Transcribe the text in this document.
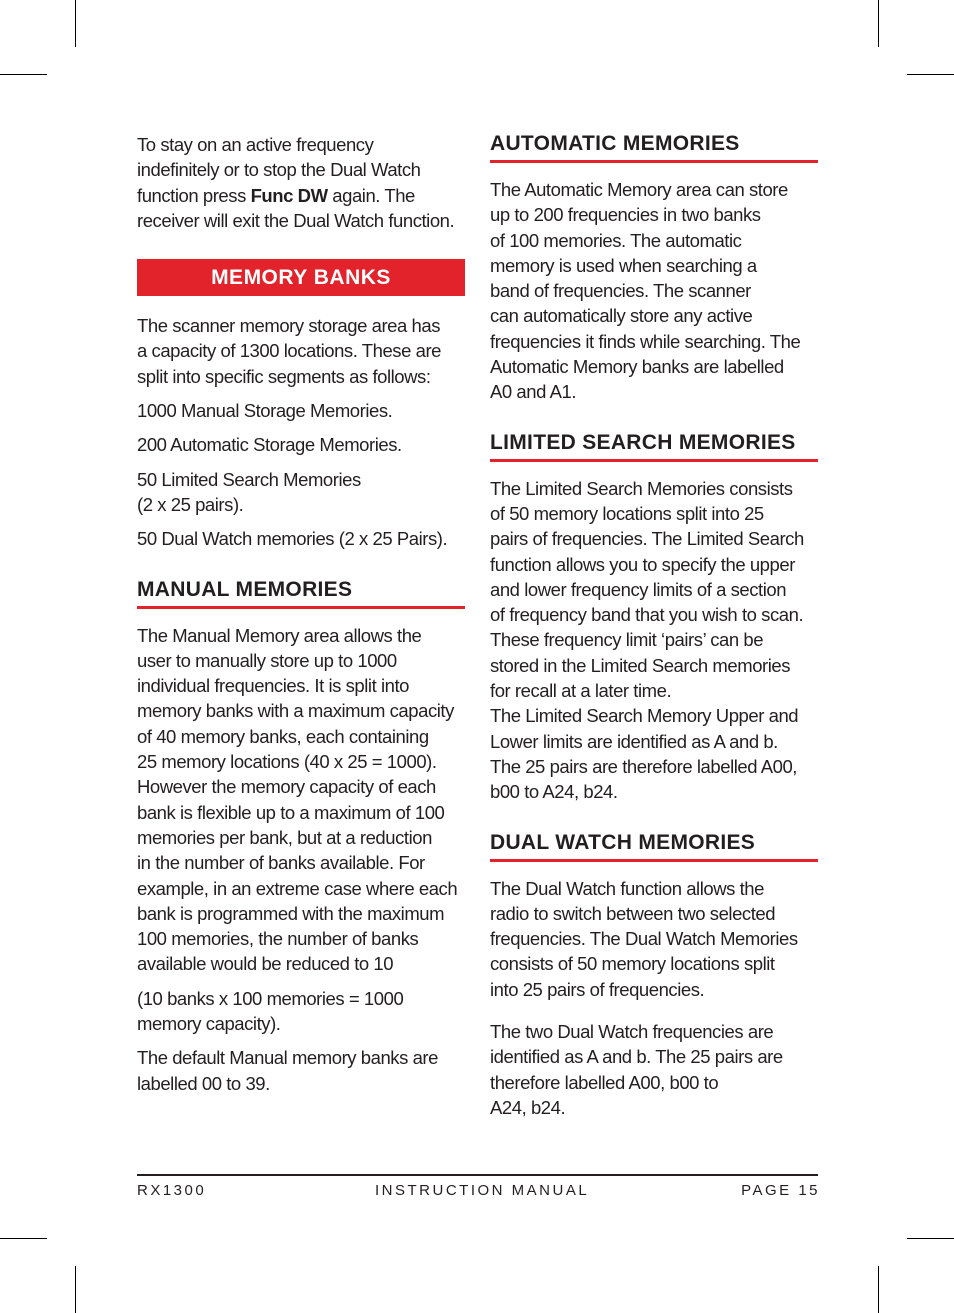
To stay on an active frequency
indefinitely or to stop the Dual Watch
function press Func DW again. The
receiver will exit the Dual Watch function.
MEMORY BANKS
The scanner memory storage area has
a capacity of 1300 locations. These are
split into specific segments as follows:
1000 Manual Storage Memories.
200 Automatic Storage Memories.
50 Limited Search Memories
(2 x 25 pairs).
50 Dual Watch memories (2 x 25 Pairs).
MANUAL MEMORIES
The Manual Memory area allows the
user to manually store up to 1000
individual frequencies. It is split into
memory banks with a maximum capacity
of 40 memory banks, each containing
25 memory locations (40 x 25 = 1000).
However the memory capacity of each
bank is flexible up to a maximum of 100
memories per bank, but at a reduction
in the number of banks available. For
example, in an extreme case where each
bank is programmed with the maximum
100 memories, the number of banks
available would be reduced to 10
(10 banks x 100 memories = 1000
memory capacity).
The default Manual memory banks are
labelled 00 to 39.
AUTOMATIC MEMORIES
The Automatic Memory area can store
up to 200 frequencies in two banks
of 100 memories. The automatic
memory is used when searching a
band of frequencies. The scanner
can automatically store any active
frequencies it finds while searching. The
Automatic Memory banks are labelled
A0 and A1.
LIMITED SEARCH MEMORIES
The Limited Search Memories consists
of 50 memory locations split into 25
pairs of frequencies. The Limited Search
function allows you to specify the upper
and lower frequency limits of a section
of frequency band that you wish to scan.
These frequency limit ‘pairs’ can be
stored in the Limited Search memories
for recall at a later time.
The Limited Search Memory Upper and
Lower limits are identified as A and b.
The 25 pairs are therefore labelled A00,
b00 to A24, b24.
DUAL WATCH MEMORIES
The Dual Watch function allows the
radio to switch between two selected
frequencies. The Dual Watch Memories
consists of 50 memory locations split
into 25 pairs of frequencies.
The two Dual Watch frequencies are
identified as A and b. The 25 pairs are
therefore labelled A00, b00 to
A24, b24.
RX1300	INSTRUCTION MANUAL	PAGE 15
